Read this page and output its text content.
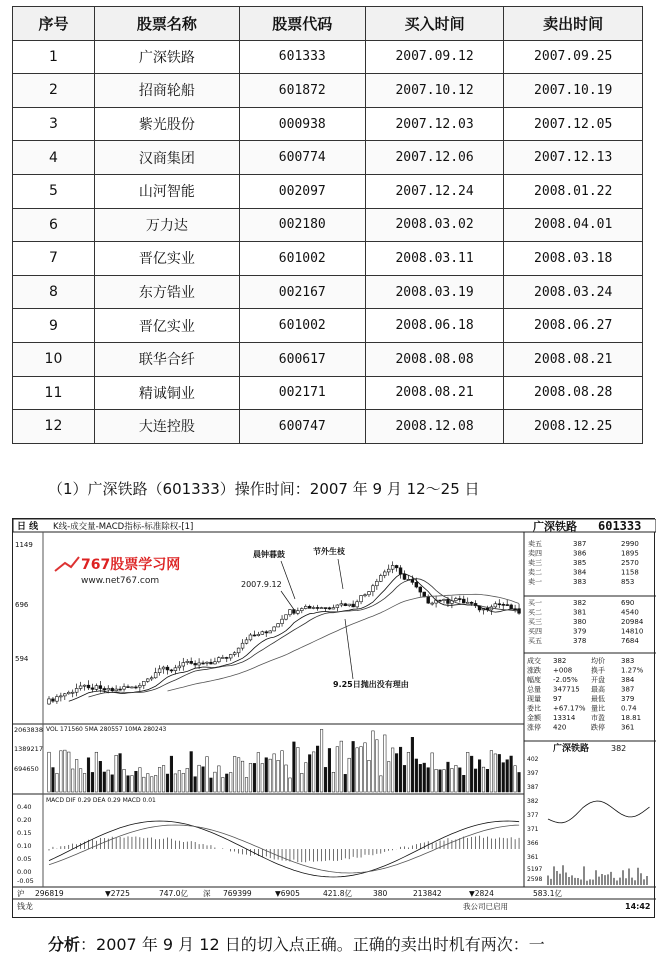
序号	股票名称	股票代码	买入时间	卖出时间
1	广深铁路	601333	2007.09.12	2007.09.25
2	招商轮船	601872	2007.10.12	2007.10.19
3	紫光股份	000938	2007.12.03	2007.12.05
4	汉商集团	600774	2007.12.06	2007.12.13
5	山河智能	002097	2007.12.24	2008.01.22
6	万力达	002180	2008.03.02	2008.04.01
7	晋亿实业	601002	2008.03.11	2008.03.18
8	东方锆业	002167	2008.03.19	2008.03.24
9	晋亿实业	601002	2008.06.18	2008.06.27
10	联华合纤	600617	2008.08.08	2008.08.21
11	精诚铜业	002171	2008.08.21	2008.08.28
12	大连控股	600747	2008.12.08	2008.12.25
（1）广深铁路（601333）操作时间：2007 年 9 月 12～25 日
日 线 K线-成交量-MACD指标-标准除权-[1]	广深铁路 601333
1149
696
594
2063838
1389217
694650
0.40
0.20
0.15
0.10
0.05
0.00
-0.05
VOL 171560 5MA 280557 10MA 280243
MACD DIF 0.29 DEA 0.29 MACD 0.01
767股票学习网
www.net767.com
晨钟暮鼓	节外生枝
2007.9.12
9.25日抛出没有理由
卖五	387	2990
卖四	386	1895
卖三	385	2570
卖二	384	1158
卖一	383	853
买一	382	690
买二	381	4540
买三	380	20984
买四	379	14810
买五	378	7684
成交 382	均价 383
涨跌 +008	换手 1.27%
幅度 -2.05% 开盘 384
总量 347715 最高 387
现量 97	最低 379
委比 +67.17% 量比 0.74
金额 13314 市盈 18.81
涨停 420	跌停 361
广深铁路	382
402
397
387
382
377
371
366
361
5197
2598
沪 296819	▼2725	747.0亿 深 769399	▼6905	421.8亿	380	213842	▼2824	583.1亿
钱龙	我公司已启用	14:42
分析：2007 年 9 月 12 日的切入点正确。正确的卖出时机有两次：一
